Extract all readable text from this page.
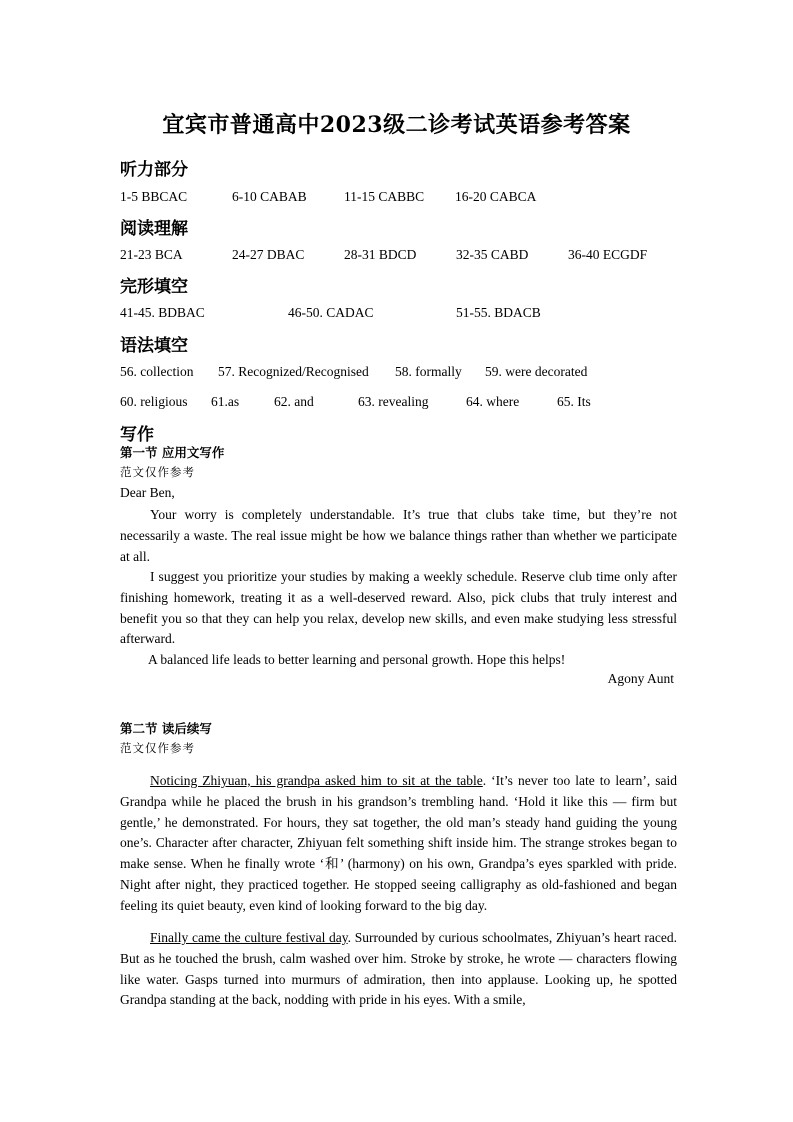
宜宾市普通高中2023级二诊考试英语参考答案
听力部分
1-5 BBCAC	6-10 CABAB	11-15 CABBC 16-20 CABCA
阅读理解
21-23 BCA	24-27 DBAC	28-31 BDCD	32-35 CABD	36-40 ECGDF
完形填空
41-45. BDBAC	46-50. CADAC	51-55. BDACB
语法填空
56. collection 57. Recognized/Recognised 58. formally 59. were decorated
60. religious 61.as	62. and	63. revealing	64. where	65. Its
写作
第一节 应用文写作
范文仅作参考
Dear Ben,
Your worry is completely understandable. It’s true that clubs take time, but they’re not necessarily a waste. The real issue might be how we balance things rather than whether we participate at all.
I suggest you prioritize your studies by making a weekly schedule. Reserve club time only after finishing homework, treating it as a well-deserved reward. Also, pick clubs that truly interest and benefit you so that they can help you relax, develop new skills, and even make studying less stressful afterward.
A balanced life leads to better learning and personal growth. Hope this helps!
Agony Aunt
第二节 读后续写
范文仅作参考
Noticing Zhiyuan, his grandpa asked him to sit at the table. ‘It’s never too late to learn’, said Grandpa while he placed the brush in his grandson’s trembling hand. ‘Hold it like this — firm but gentle,’ he demonstrated. For hours, they sat together, the old man’s steady hand guiding the young one’s. Character after character, Zhiyuan felt something shift inside him. The strange strokes began to make sense. When he finally wrote ‘和’ (harmony) on his own, Grandpa’s eyes sparkled with pride. Night after night, they practiced together. He stopped seeing calligraphy as old-fashioned and began feeling its quiet beauty, even kind of looking forward to the big day.
Finally came the culture festival day. Surrounded by curious schoolmates, Zhiyuan’s heart raced. But as he touched the brush, calm washed over him. Stroke by stroke, he wrote — characters flowing like water. Gasps turned into murmurs of admiration, then into applause. Looking up, he spotted Grandpa standing at the back, nodding with pride in his eyes. With a smile,
